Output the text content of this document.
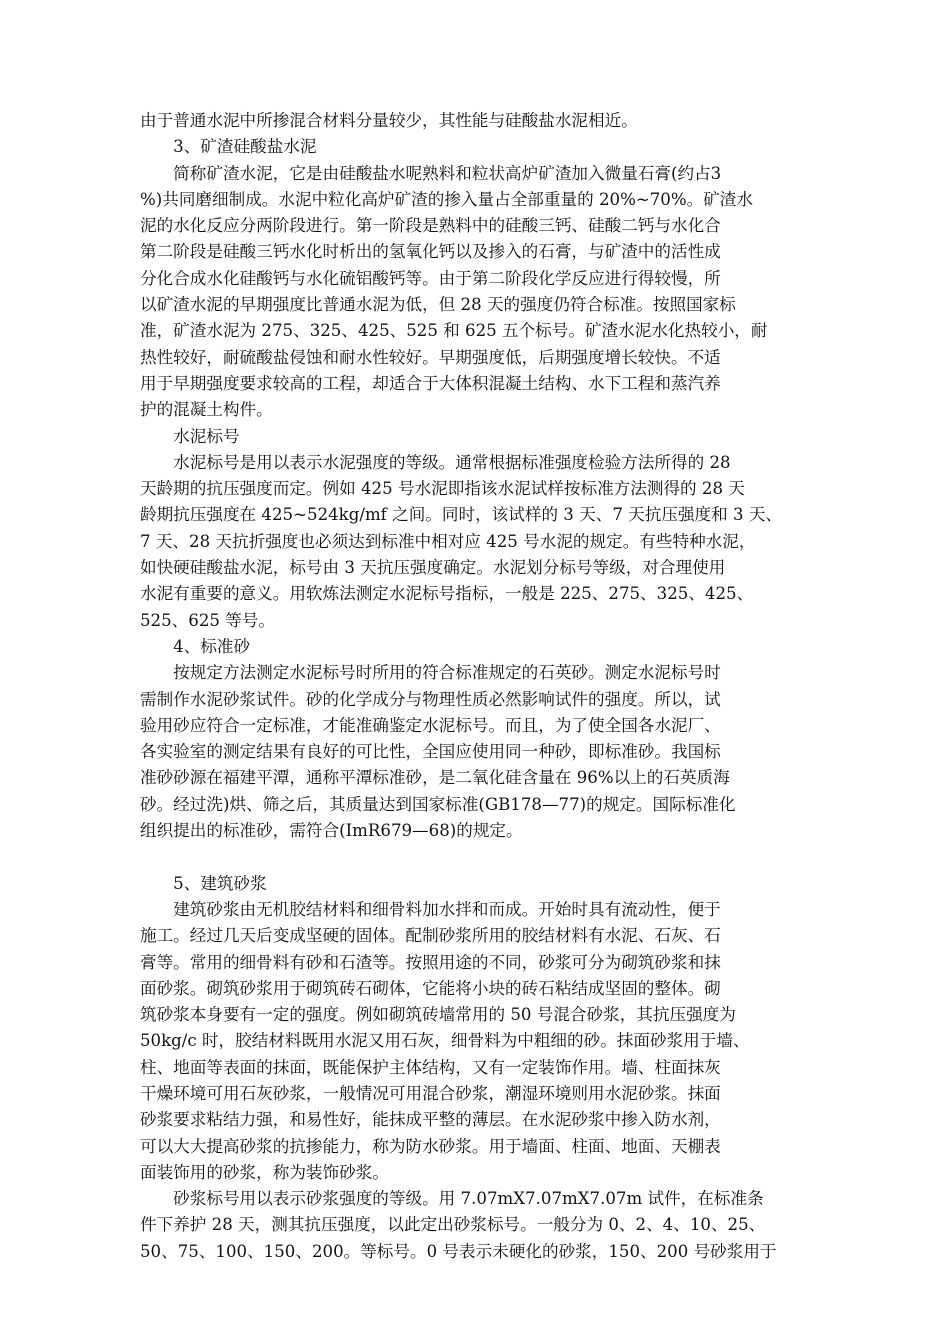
由于普通水泥中所掺混合材料分量较少，其性能与硅酸盐水泥相近。
　　3、矿渣硅酸盐水泥
　　简称矿渣水泥，它是由硅酸盐水呢熟料和粒状高炉矿渣加入微量石膏(约占3
%)共同磨细制成。水泥中粒化高炉矿渣的掺入量占全部重量的 20%~70%。矿渣水
泥的水化反应分两阶段进行。第一阶段是熟料中的硅酸三钙、硅酸二钙与水化合
第二阶段是硅酸三钙水化时析出的氢氧化钙以及掺入的石膏，与矿渣中的活性成
分化合成水化硅酸钙与水化硫铝酸钙等。由于第二阶段化学反应进行得较慢，所
以矿渣水泥的早期强度比普通水泥为低，但 28 天的强度仍符合标准。按照国家标
准，矿渣水泥为 275、325、425、525 和 625 五个标号。矿渣水泥水化热较小，耐
热性较好，耐硫酸盐侵蚀和耐水性较好。早期强度低，后期强度增长较快。不适
用于早期强度要求较高的工程，却适合于大体积混凝土结构、水下工程和蒸汽养
护的混凝土构件。
　　水泥标号
　　水泥标号是用以表示水泥强度的等级。通常根据标准强度检验方法所得的 28
天龄期的抗压强度而定。例如 425 号水泥即指该水泥试样按标准方法测得的 28 天
龄期抗压强度在 425~524kg/mf 之间。同时，该试样的 3 天、7 天抗压强度和 3 天、
7 天、28 天抗折强度也必须达到标准中相对应 425 号水泥的规定。有些特种水泥，
如快硬硅酸盐水泥，标号由 3 天抗压强度确定。水泥划分标号等级，对合理使用
水泥有重要的意义。用软炼法测定水泥标号指标，一般是 225、275、325、425、
525、625 等号。
　　4、标准砂
　　按规定方法测定水泥标号时所用的符合标准规定的石英砂。测定水泥标号时
需制作水泥砂浆试件。砂的化学成分与物理性质必然影响试件的强度。所以，试
验用砂应符合一定标准，才能准确鉴定水泥标号。而且，为了使全国各水泥厂、
各实验室的测定结果有良好的可比性，全国应使用同一种砂，即标准砂。我国标
准砂砂源在福建平潭，通称平潭标准砂，是二氧化硅含量在 96%以上的石英质海
砂。经过洗)烘、筛之后，其质量达到国家标准(GB178—77)的规定。国际标准化
组织提出的标准砂，需符合(ImR679—68)的规定。
　　5、建筑砂浆
　　建筑砂浆由无机胶结材料和细骨料加水拌和而成。开始时具有流动性，便于
施工。经过几天后变成坚硬的固体。配制砂浆所用的胶结材料有水泥、石灰、石
膏等。常用的细骨料有砂和石渣等。按照用途的不同，砂浆可分为砌筑砂浆和抹
面砂浆。砌筑砂浆用于砌筑砖石砌体，它能将小块的砖石粘结成坚固的整体。砌
筑砂浆本身要有一定的强度。例如砌筑砖墙常用的 50 号混合砂浆，其抗压强度为
50kg/c 时，胶结材料既用水泥又用石灰，细骨料为中粗细的砂。抹面砂浆用于墙、
柱、地面等表面的抹面，既能保护主体结构，又有一定装饰作用。墙、柱面抹灰
干燥环境可用石灰砂浆，一般情况可用混合砂浆，潮湿环境则用水泥砂浆。抹面
砂浆要求粘结力强，和易性好，能抹成平整的薄层。在水泥砂浆中掺入防水剂，
可以大大提高砂浆的抗掺能力，称为防水砂浆。用于墙面、柱面、地面、天棚表
面装饰用的砂浆，称为装饰砂浆。
　　砂浆标号用以表示砂浆强度的等级。用 7.07mX7.07mX7.07m 试件，在标准条
件下养护 28 天，测其抗压强度，以此定出砂浆标号。一般分为 0、2、4、10、25、
50、75、100、150、200。等标号。0 号表示未硬化的砂浆，150、200 号砂浆用于
